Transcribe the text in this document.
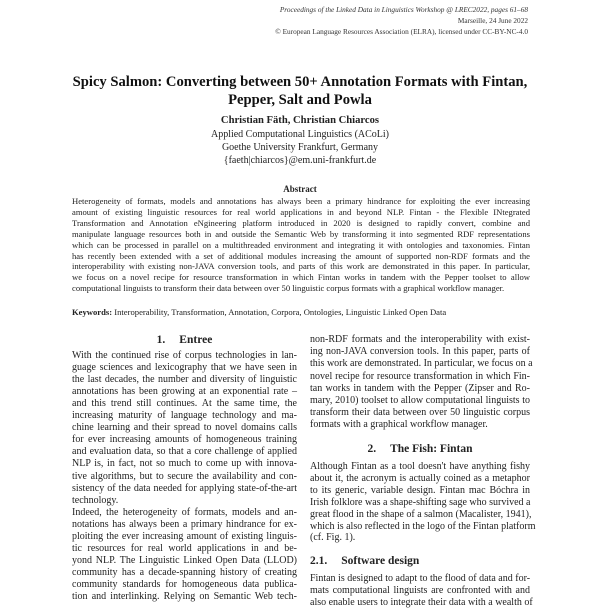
Proceedings of the Linked Data in Linguistics Workshop @ LREC2022, pages 61–68
Marseille, 24 June 2022
© European Language Resources Association (ELRA), licensed under CC-BY-NC-4.0
Spicy Salmon: Converting between 50+ Annotation Formats with Fintan,
Pepper, Salt and Powla
Christian Fäth, Christian Chiarcos
Applied Computational Linguistics (ACoLi)
Goethe University Frankfurt, Germany
{faeth|chiarcos}@em.uni-frankfurt.de
Abstract
Heterogeneity of formats, models and annotations has always been a primary hindrance for exploiting the ever increasing
amount of existing linguistic resources for real world applications in and beyond NLP. Fintan - the Flexible INtegrated
Transformation and Annotation eNgineering platform introduced in 2020 is designed to rapidly convert, combine and
manipulate language resources both in and outside the Semantic Web by transforming it into segmented RDF representations
which can be processed in parallel on a multithreaded environment and integrating it with ontologies and taxonomies. Fintan
has recently been extended with a set of additional modules increasing the amount of supported non-RDF formats and the
interoperability with existing non-JAVA conversion tools, and parts of this work are demonstrated in this paper. In particular,
we focus on a novel recipe for resource transformation in which Fintan works in tandem with the Pepper toolset to allow
computational linguists to transform their data between over 50 linguistic corpus formats with a graphical workflow manager.
Keywords: Interoperability, Transformation, Annotation, Corpora, Ontologies, Linguistic Linked Open Data
1. Entree
With the continued rise of corpus technologies in lan-
guage sciences and lexicography that we have seen in
the last decades, the number and diversity of linguistic
annotations has been growing at an exponential rate –
and this trend still continues. At the same time, the
increasing maturity of language technology and ma-
chine learning and their spread to novel domains calls
for ever increasing amounts of homogeneous training
and evaluation data, so that a core challenge of applied
NLP is, in fact, not so much to come up with innova-
tive algorithms, but to secure the availability and con-
sistency of the data needed for applying state-of-the-art
technology.
Indeed, the heterogeneity of formats, models and an-
notations has always been a primary hindrance for ex-
ploiting the ever increasing amount of existing linguis-
tic resources for real world applications in and be-
yond NLP. The Linguistic Linked Open Data (LLOD)
community has a decade-spanning history of creating
community standards for homogeneous data publica-
tion and interlinking. Relying on Semantic Web tech-
non-RDF formats and the interoperability with exist-
ing non-JAVA conversion tools. In this paper, parts of
this work are demonstrated. In particular, we focus on a
novel recipe for resource transformation in which Fin-
tan works in tandem with the Pepper (Zipser and Ro-
mary, 2010) toolset to allow computational linguists to
transform their data between over 50 linguistic corpus
formats with a graphical workflow manager.
Although Fintan as a tool doesn't have anything fishy
about it, the acronym is actually coined as a metaphor
to its generic, variable design. Fintan mac Bóchra in
Irish folklore was a shape-shifting sage who survived a
great flood in the shape of a salmon (Macalister, 1941),
which is also reflected in the logo of the Fintan platform
(cf. Fig. 1).
Fintan is designed to adapt to the flood of data and for-
mats computational linguists are confronted with and
also enable users to integrate their data with a wealth of
2. The Fish: Fintan
2.1. Software design
